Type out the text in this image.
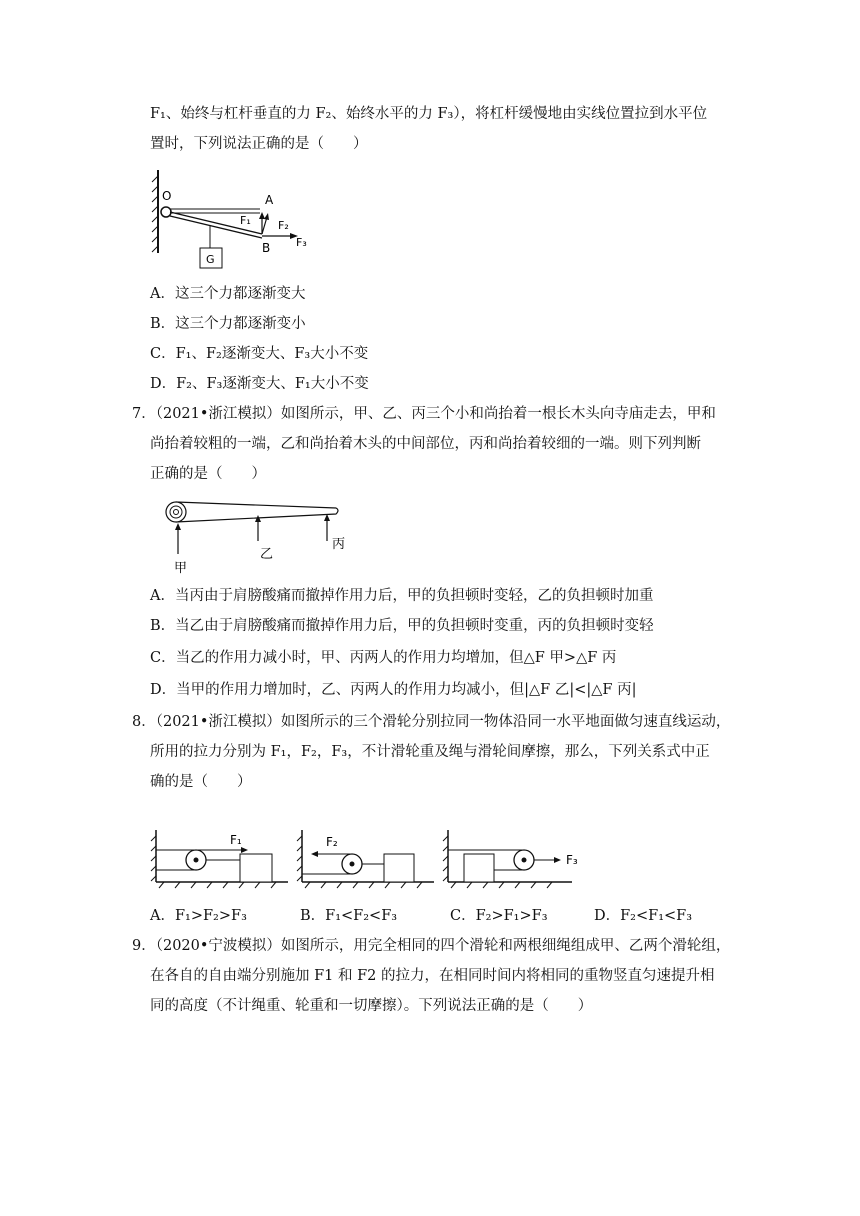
F₁、始终与杠杆垂直的力 F₂、始终水平的力 F₃），将杠杆缓慢地由实线位置拉到水平位
置时，下列说法正确的是（　　）
O	A
B
F₁ F₂
F₃
G
A．这三个力都逐渐变大
B．这三个力都逐渐变小
C．F₁、F₂逐渐变大、F₃大小不变
D．F₂、F₃逐渐变大、F₁大小不变
7．（2021•浙江模拟）如图所示，甲、乙、丙三个小和尚抬着一根长木头向寺庙走去，甲和
尚抬着较粗的一端，乙和尚抬着木头的中间部位，丙和尚抬着较细的一端。则下列判断
正确的是（　　）
甲
乙
丙
A．当丙由于肩膀酸痛而撤掉作用力后，甲的负担顿时变轻，乙的负担顿时加重
B．当乙由于肩膀酸痛而撤掉作用力后，甲的负担顿时变重，丙的负担顿时变轻
C．当乙的作用力减小时，甲、丙两人的作用力均增加，但△F 甲>△F 丙
D．当甲的作用力增加时，乙、丙两人的作用力均减小，但|△F 乙|<|△F 丙|
8．（2021•浙江模拟）如图所示的三个滑轮分别拉同一物体沿同一水平地面做匀速直线运动，
所用的拉力分别为 F₁，F₂，F₃，不计滑轮重及绳与滑轮间摩擦，那么，下列关系式中正
确的是（　　）
F₁	F₂
F₃
A．F₁>F₂>F₃	B．F₁<F₂<F₃	C．F₂>F₁>F₃	D．F₂<F₁<F₃
9．（2020•宁波模拟）如图所示，用完全相同的四个滑轮和两根细绳组成甲、乙两个滑轮组，
在各自的自由端分别施加 F1 和 F2 的拉力，在相同时间内将相同的重物竖直匀速提升相
同的高度（不计绳重、轮重和一切摩擦）。下列说法正确的是（　　）
